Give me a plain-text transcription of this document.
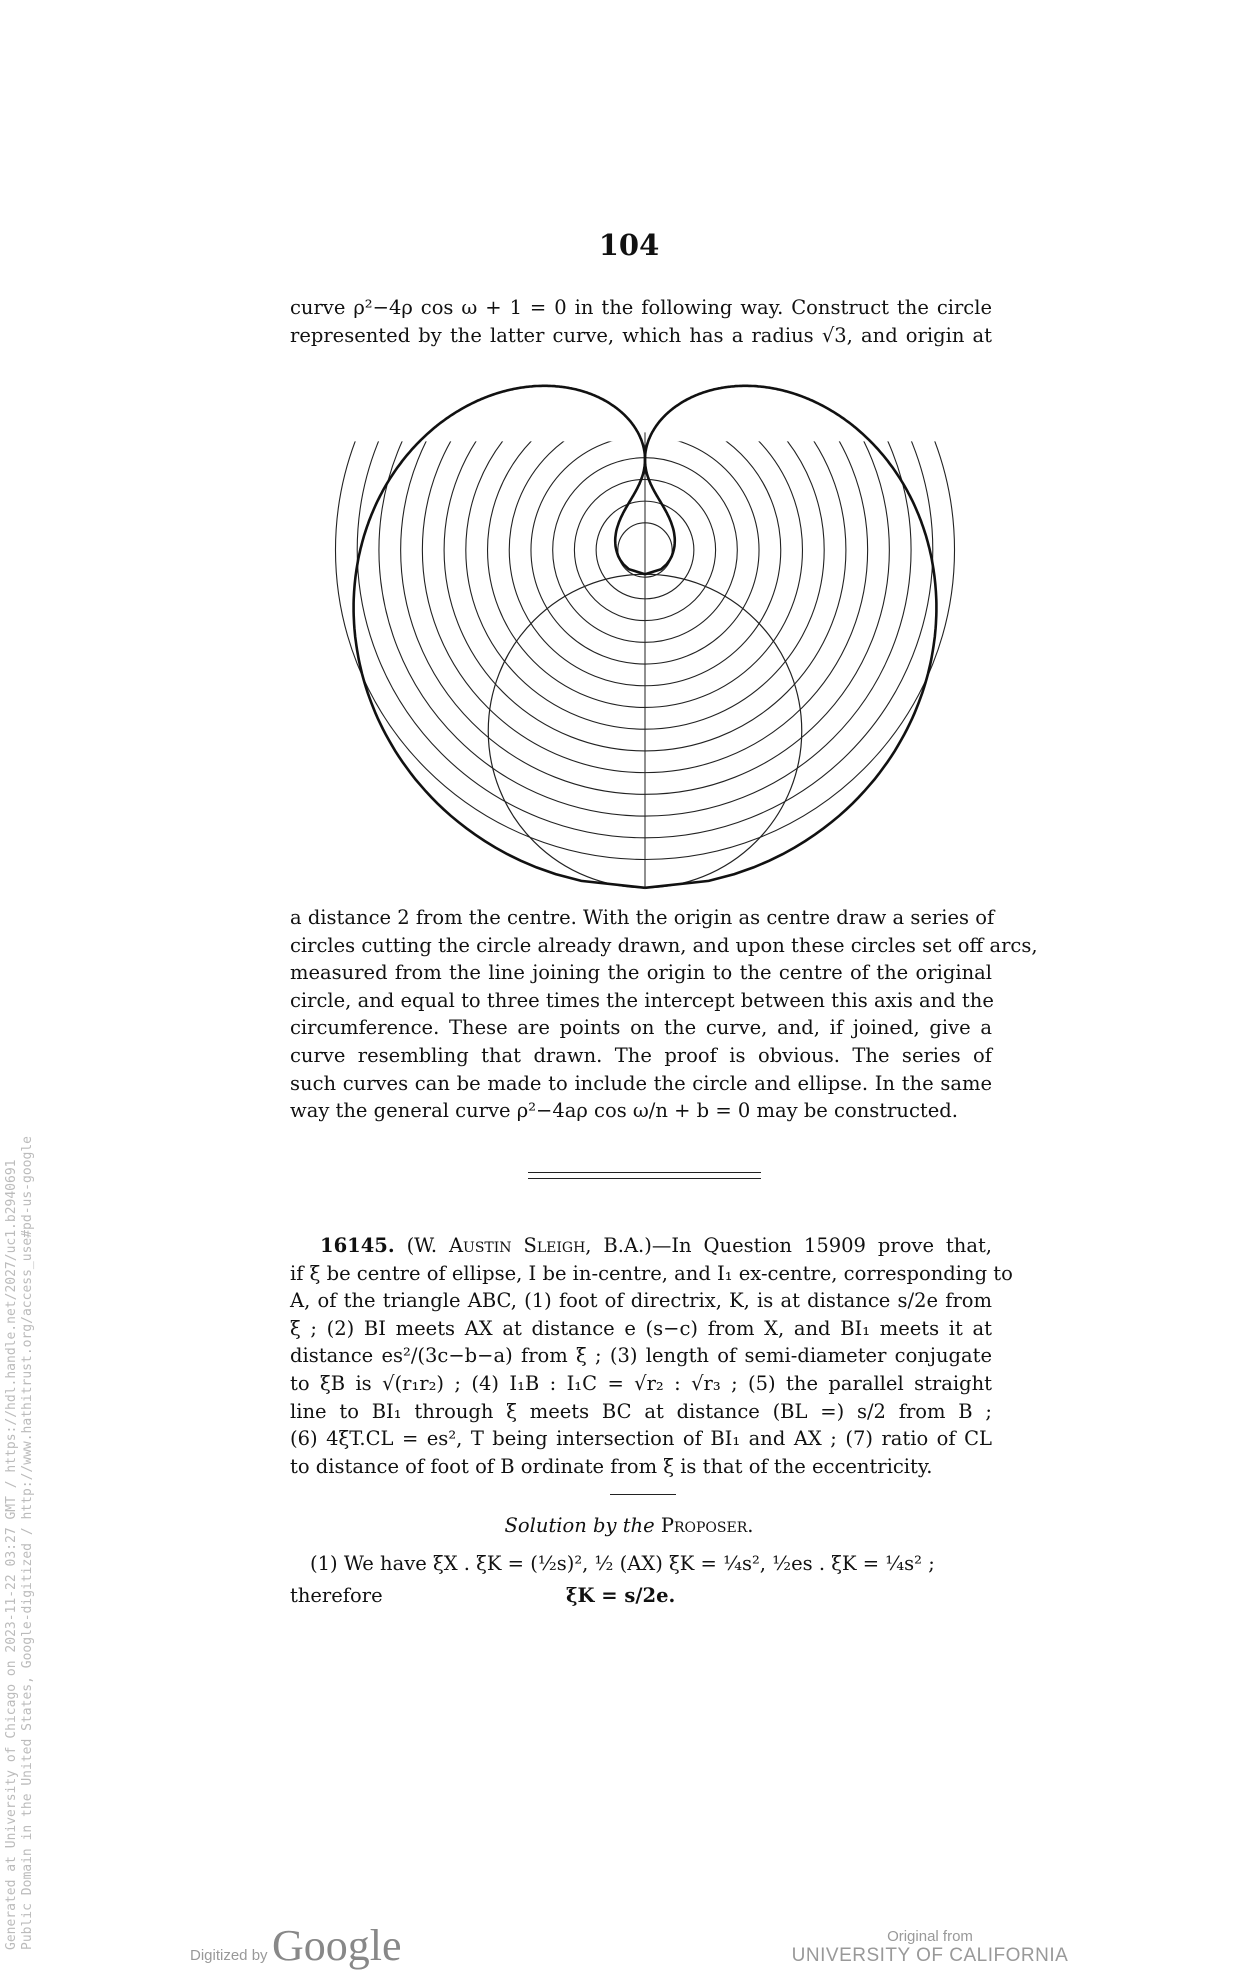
104
curve ρ²−4ρ cos ω + 1 = 0 in the following way. Construct the circle
represented by the latter curve, which has a radius √3, and origin at
a distance 2 from the centre. With the origin as centre draw a series of
circles cutting the circle already drawn, and upon these circles set off arcs,
measured from the line joining the origin to the centre of the original
circle, and equal to three times the intercept between this axis and the
circumference. These are points on the curve, and, if joined, give a
curve resembling that drawn. The proof is obvious. The series of
such curves can be made to include the circle and ellipse. In the same
way the general curve ρ²−4aρ cos ω/n + b = 0 may be constructed.
16145. (W. Austin Sleigh, B.A.)—In Question 15909 prove that,
if ξ be centre of ellipse, I be in-centre, and I₁ ex-centre, corresponding to
A, of the triangle ABC, (1) foot of directrix, K, is at distance s/2e from
ξ ; (2) BI meets AX at distance e (s−c) from X, and BI₁ meets it at
distance es²/(3c−b−a) from ξ ; (3) length of semi-diameter conjugate
to ξB is √(r₁r₂) ; (4) I₁B : I₁C = √r₂ : √r₃ ; (5) the parallel straight
line to BI₁ through ξ meets BC at distance (BL =) s/2 from B ;
(6) 4ξT.CL = es², T being intersection of BI₁ and AX ; (7) ratio of CL
to distance of foot of B ordinate from ξ is that of the eccentricity.
Solution by the Proposer.
(1) We have ξX . ξK = (½s)², ½ (AX) ξK = ¼s², ½es . ξK = ¼s² ;
therefore	ξK = s/2e.
Generated at University of Chicago on 2023-11-22 03:27 GMT / https://hdl.handle.net/2027/uc1.b2940691 Public Domain in the United States, Google-digitized / http://www.hathitrust.org/access_use#pd-us-google
Digitized by Google	Original from
UNIVERSITY OF CALIFORNIA
